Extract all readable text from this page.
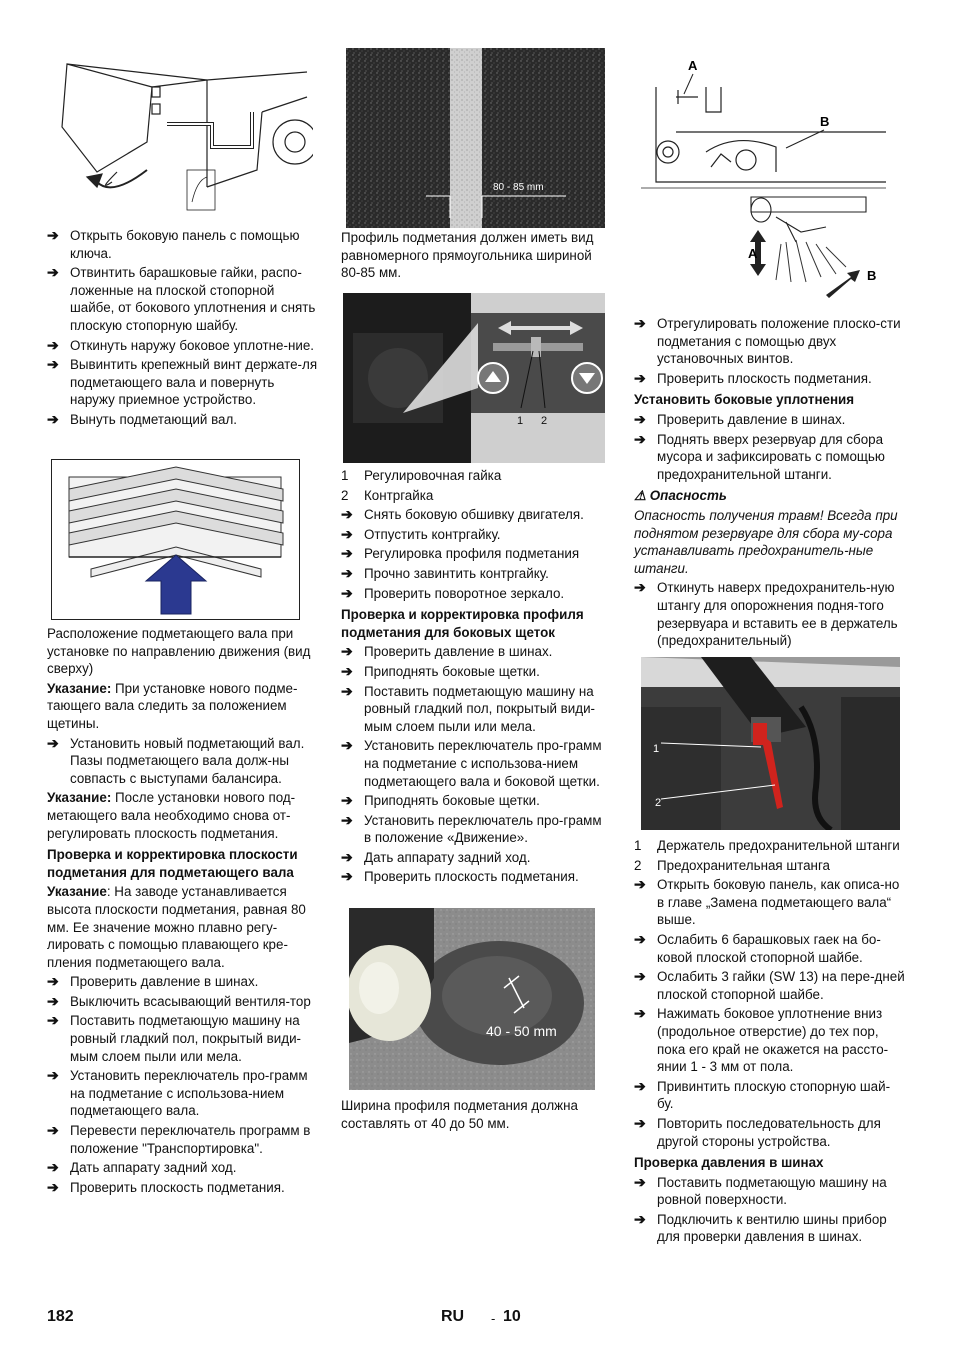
➔ Открыть боковую панель с помощью ключа.
➔ Отвинтить барашковые гайки, распо-ложенные на плоской стопорной шайбе, от бокового уплотнения и снять плоскую стопорную шайбу.
➔ Откинуть наружу боковое уплотне-ние.
➔ Вывинтить крепежный винт держате-ля подметающего вала и повернуть наружу приемное устройство.
➔ Вынуть подметающий вал.
Расположение подметающего вала при установке по направлению движения (вид сверху)
Указание: При установке нового подме-тающего вала следить за положением щетины.
➔ Установить новый подметающий вал. Пазы подметающего вала долж-ны совпасть с выступами балансира.
Указание: После установки нового под-метающего вала необходимо снова от-регулировать плоскость подметания.
Проверка и корректировка плоскости подметания для подметающего вала
Указание: На заводе устанавливается высота плоскости подметания, равная 80 мм. Ее значение можно плавно регу-лировать с помощью плавающего кре-пления подметающего вала.
➔ Проверить давление в шинах.
➔ Выключить всасывающий вентиля-тор
➔ Поставить подметающую машину на ровный гладкий пол, покрытый види-мым слоем пыли или мела.
➔ Установить переключатель про-грамм на подметание с использова-нием подметающего вала.
➔ Перевести переключатель программ в положение "Транспортировка".
➔ Дать аппарату задний ход.
➔ Проверить плоскость подметания.
80 - 85 mm
Профиль подметания должен иметь вид равномерного прямоугольника шириной 80-85 мм.
1 2
1 Регулировочная гайка
2 Контргайка
➔ Снять боковую обшивку двигателя.
➔ Отпустить контргайку.
➔ Регулировка профиля подметания
➔ Прочно завинтить контргайку.
➔ Проверить поворотное зеркало.
Проверка и корректировка профиля подметания для боковых щеток
➔ Проверить давление в шинах.
➔ Приподнять боковые щетки.
➔ Поставить подметающую машину на ровный гладкий пол, покрытый види-мым слоем пыли или мела.
➔ Установить переключатель про-грамм на подметание с использова-нием подметающего вала и боковой щетки.
➔ Приподнять боковые щетки.
➔ Установить переключатель про-грамм в положение «Движение».
➔ Дать аппарату задний ход.
➔ Проверить плоскость подметания.
40 - 50 mm
Ширина профиля подметания должна составлять от 40 до 50 мм.
A
B
A
B
➔ Отрегулировать положение плоско-сти подметания с помощью двух установочных винтов.
➔ Проверить плоскость подметания.
Установить боковые уплотнения
➔ Проверить давление в шинах.
➔ Поднять вверх резервуар для сбора мусора и зафиксировать с помощью предохранительной штанги.
⚠ Опасность
Опасность получения травм! Всегда при поднятом резервуаре для сбора му-сора устанавливать предохранитель-ные штанги.
➔ Откинуть наверх предохранитель-ную штангу для опорожнения подня-того резервуара и вставить ее в держатель (предохранительный)
1
2
1 Держатель предохранительной штанги
2 Предохранительная штанга
➔ Открыть боковую панель, как описа-но в главе „Замена подметающего вала“ выше.
➔ Ослабить 6 барашковых гаек на бо-ковой плоской стопорной шайбе.
➔ Ослабить 3 гайки (SW 13) на пере-дней плоской стопорной шайбе.
➔ Нажимать боковое уплотнение вниз (продольное отверстие) до тех пор, пока его край не окажется на рассто-янии 1 - 3 мм от пола.
➔ Привинтить плоскую стопорную шай-бу.
➔ Повторить последовательность для другой стороны устройства.
Проверка давления в шинах
➔ Поставить подметающую машину на ровной поверхности.
➔ Подключить к вентилю шины прибор для проверки давления в шинах.
182	RU - 10
